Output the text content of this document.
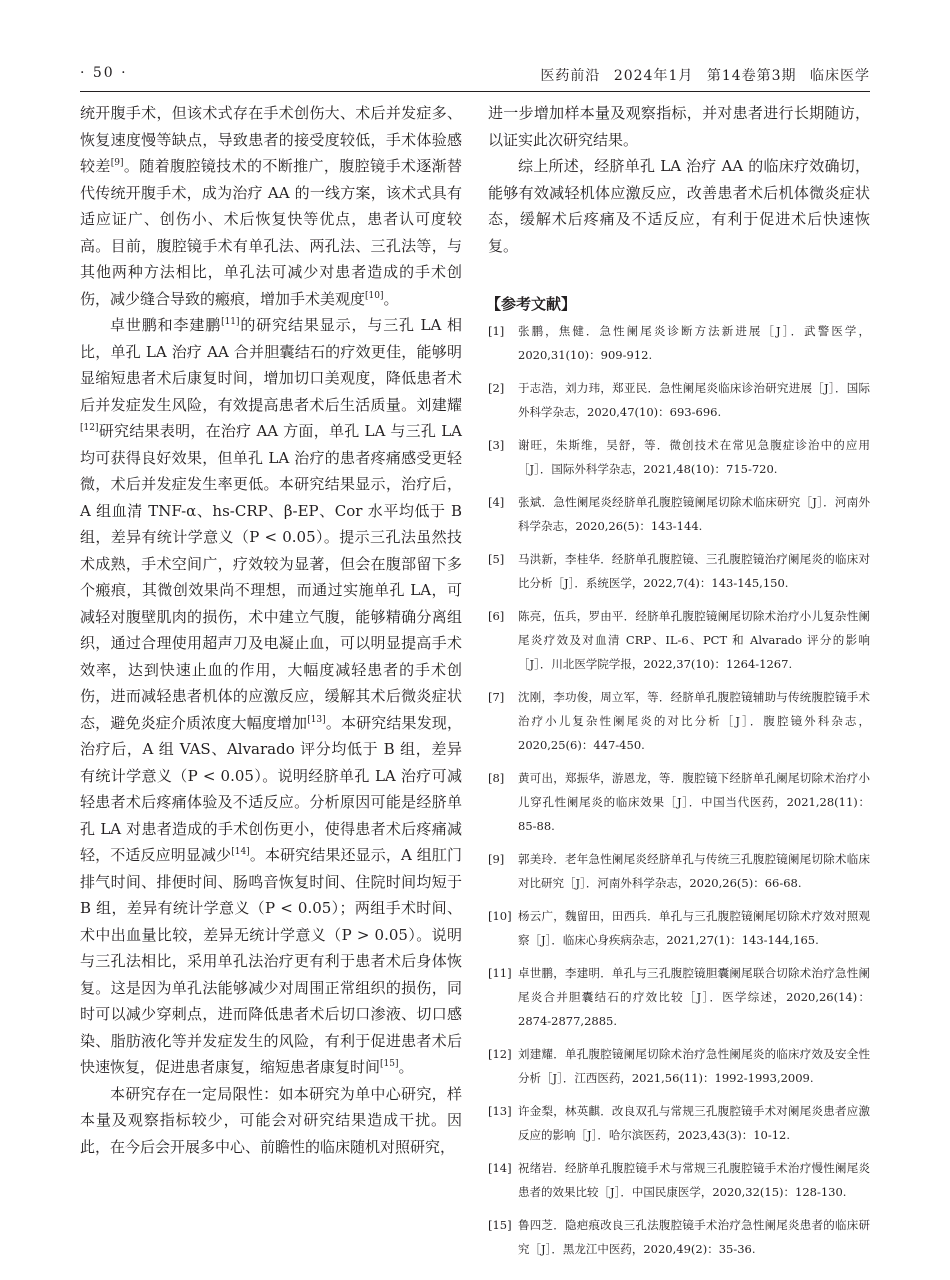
· 50 ·	医药前沿 2024年1月 第14卷第3期 临床医学

统开腹手术，但该术式存在手术创伤大、术后并发症多、恢复速度慢等缺点，导致患者的接受度较低，手术体验感较差[9]。随着腹腔镜技术的不断推广，腹腔镜手术逐渐替代传统开腹手术，成为治疗 AA 的一线方案，该术式具有适应证广、创伤小、术后恢复快等优点，患者认可度较高。目前，腹腔镜手术有单孔法、两孔法、三孔法等，与其他两种方法相比，单孔法可减少对患者造成的手术创伤，减少缝合导致的瘢痕，增加手术美观度[10]。

卓世鹏和李建鹏[11]的研究结果显示，与三孔 LA 相比，单孔 LA 治疗 AA 合并胆囊结石的疗效更佳，能够明显缩短患者术后康复时间，增加切口美观度，降低患者术后并发症发生风险，有效提高患者术后生活质量。刘建耀[12]研究结果表明，在治疗 AA 方面，单孔 LA 与三孔 LA 均可获得良好效果，但单孔 LA 治疗的患者疼痛感受更轻微，术后并发症发生率更低。本研究结果显示，治疗后，A 组血清 TNF-α、hs-CRP、β-EP、Cor 水平均低于 B 组，差异有统计学意义（P < 0.05）。提示三孔法虽然技术成熟，手术空间广，疗效较为显著，但会在腹部留下多个瘢痕，其微创效果尚不理想，而通过实施单孔 LA，可减轻对腹壁肌肉的损伤，术中建立气腹，能够精确分离组织，通过合理使用超声刀及电凝止血，可以明显提高手术效率，达到快速止血的作用，大幅度减轻患者的手术创伤，进而减轻患者机体的应激反应，缓解其术后微炎症状态，避免炎症介质浓度大幅度增加[13]。本研究结果发现，治疗后，A 组 VAS、Alvarado 评分均低于 B 组，差异有统计学意义（P < 0.05）。说明经脐单孔 LA 治疗可减轻患者术后疼痛体验及不适反应。分析原因可能是经脐单孔 LA 对患者造成的手术创伤更小，使得患者术后疼痛减轻，不适反应明显减少[14]。本研究结果还显示，A 组肛门排气时间、排便时间、肠鸣音恢复时间、住院时间均短于 B 组，差异有统计学意义（P < 0.05）；两组手术时间、术中出血量比较，差异无统计学意义（P > 0.05）。说明与三孔法相比，采用单孔法治疗更有利于患者术后身体恢复。这是因为单孔法能够减少对周围正常组织的损伤，同时可以减少穿刺点，进而降低患者术后切口渗液、切口感染、脂肪液化等并发症发生的风险，有利于促进患者术后快速恢复，促进患者康复，缩短患者康复时间[15]。

本研究存在一定局限性：如本研究为单中心研究，样本量及观察指标较少，可能会对研究结果造成干扰。因此，在今后会开展多中心、前瞻性的临床随机对照研究，

进一步增加样本量及观察指标，并对患者进行长期随访，以证实此次研究结果。

综上所述，经脐单孔 LA 治疗 AA 的临床疗效确切，能够有效减轻机体应激反应，改善患者术后机体微炎症状态，缓解术后疼痛及不适反应，有利于促进术后快速恢复。

【参考文献】
[1] 张鹏，焦健．急性阑尾炎诊断方法新进展［J］．武警医学，2020,31(10)：909-912.
[2] 于志浩，刘力玮，郑亚民．急性阑尾炎临床诊治研究进展［J］．国际外科学杂志，2020,47(10)：693-696.
[3] 谢旺，朱斯维，吴舒，等．微创技术在常见急腹症诊治中的应用［J］．国际外科学杂志，2021,48(10)：715-720.
[4] 张斌．急性阑尾炎经脐单孔腹腔镜阑尾切除术临床研究［J］．河南外科学杂志，2020,26(5)：143-144.
[5] 马洪新，李桂华．经脐单孔腹腔镜、三孔腹腔镜治疗阑尾炎的临床对比分析［J］．系统医学，2022,7(4)：143-145,150.
[6] 陈亮，伍兵，罗由平．经脐单孔腹腔镜阑尾切除术治疗小儿复杂性阑尾炎疗效及对血清 CRP、IL-6、PCT 和 Alvarado 评分的影响［J］．川北医学院学报，2022,37(10)：1264-1267.
[7] 沈刚，李功俊，周立军，等．经脐单孔腹腔镜辅助与传统腹腔镜手术治疗小儿复杂性阑尾炎的对比分析［J］．腹腔镜外科杂志，2020,25(6)：447-450.
[8] 黄可出，郑振华，游恩龙，等．腹腔镜下经脐单孔阑尾切除术治疗小儿穿孔性阑尾炎的临床效果［J］．中国当代医药，2021,28(11)：85-88.
[9] 郭美玲．老年急性阑尾炎经脐单孔与传统三孔腹腔镜阑尾切除术临床对比研究［J］．河南外科学杂志，2020,26(5)：66-68.
[10] 杨云广，魏留田，田西兵．单孔与三孔腹腔镜阑尾切除术疗效对照观察［J］．临床心身疾病杂志，2021,27(1)：143-144,165.
[11] 卓世鹏，李建明．单孔与三孔腹腔镜胆囊阑尾联合切除术治疗急性阑尾炎合并胆囊结石的疗效比较［J］．医学综述，2020,26(14)：2874-2877,2885.
[12] 刘建耀．单孔腹腔镜阑尾切除术治疗急性阑尾炎的临床疗效及安全性分析［J］．江西医药，2021,56(11)：1992-1993,2009.
[13] 许金梨，林英麒．改良双孔与常规三孔腹腔镜手术对阑尾炎患者应激反应的影响［J］．哈尔滨医药，2023,43(3)：10-12.
[14] 祝绪岩．经脐单孔腹腔镜手术与常规三孔腹腔镜手术治疗慢性阑尾炎患者的效果比较［J］．中国民康医学，2020,32(15)：128-130.
[15] 鲁四芝．隐疤痕改良三孔法腹腔镜手术治疗急性阑尾炎患者的临床研究［J］．黑龙江中医药，2020,49(2)：35-36.
